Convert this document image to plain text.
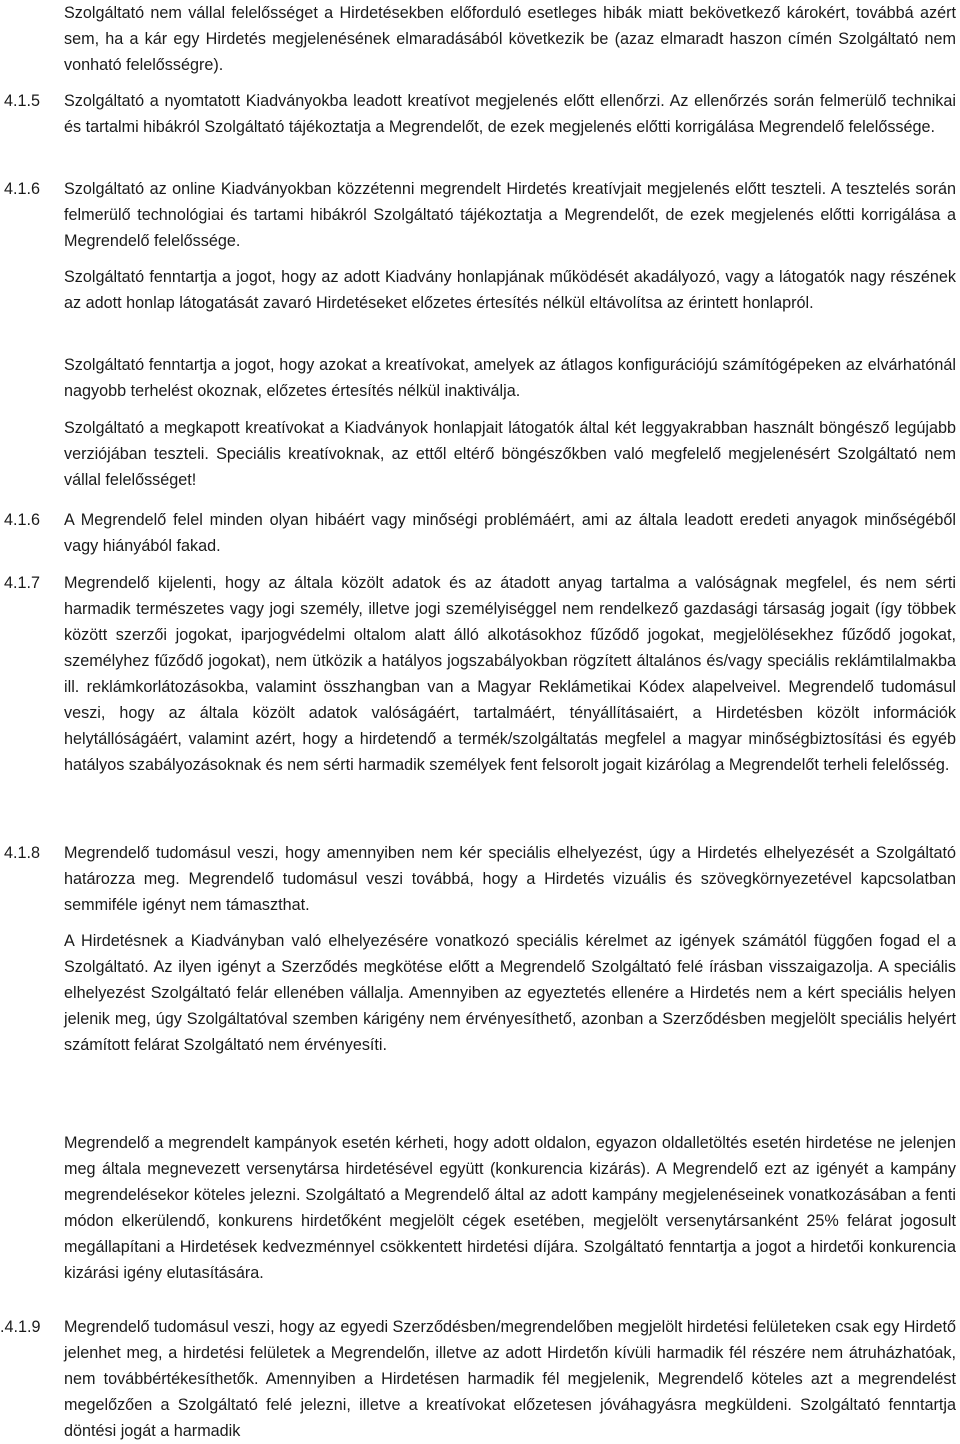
Szolgáltató nem vállal felelősséget a Hirdetésekben előforduló esetleges hibák miatt bekövetkező károkért, továbbá azért sem, ha a kár egy Hirdetés megjelenésének elmaradásából következik be (azaz elmaradt haszon címén Szolgáltató nem vonható felelősségre).

4.1.5	Szolgáltató a nyomtatott Kiadványokba leadott kreatívot megjelenés előtt ellenőrzi. Az ellenőrzés során felmerülő technikai és tartalmi hibákról Szolgáltató tájékoztatja a Megrendelőt, de ezek megjelenés előtti korrigálása Megrendelő felelőssége.

4.1.6	Szolgáltató az online Kiadványokban közzétenni megrendelt Hirdetés kreatívjait megjelenés előtt teszteli. A tesztelés során felmerülő technológiai és tartami hibákról Szolgáltató tájékoztatja a Megrendelőt, de ezek megjelenés előtti korrigálása a Megrendelő felelőssége.

Szolgáltató fenntartja a jogot, hogy az adott Kiadvány honlapjának működését akadályozó, vagy a látogatók nagy részének az adott honlap látogatását zavaró Hirdetéseket előzetes értesítés nélkül eltávolítsa az érintett honlapról.

Szolgáltató fenntartja a jogot, hogy azokat a kreatívokat, amelyek az átlagos konfigurációjú számítógépeken az elvárhatónál nagyobb terhelést okoznak, előzetes értesítés nélkül inaktiválja.

Szolgáltató a megkapott kreatívokat a Kiadványok honlapjait látogatók által két leggyakrabban használt böngésző legújabb verziójában teszteli. Speciális kreatívoknak, az ettől eltérő böngészőkben való megfelelő megjelenésért Szolgáltató nem vállal felelősséget!

4.1.6	A Megrendelő felel minden olyan hibáért vagy minőségi problémáért, ami az általa leadott eredeti anyagok minőségéből vagy hiányából fakad.

4.1.7	Megrendelő kijelenti, hogy az általa közölt adatok és az átadott anyag tartalma a valóságnak megfelel, és nem sérti harmadik természetes vagy jogi személy, illetve jogi személyiséggel nem rendelkező gazdasági társaság jogait (így többek között szerzői jogokat, iparjogvédelmi oltalom alatt álló alkotásokhoz fűződő jogokat, megjelölésekhez fűződő jogokat, személyhez fűződő jogokat), nem ütközik a hatályos jogszabályokban rögzített általános és/vagy speciális reklámtilalmakba ill. reklámkorlátozásokba, valamint összhangban van a Magyar Reklámetikai Kódex alapelveivel. Megrendelő tudomásul veszi, hogy az általa közölt adatok valóságáért, tartalmáért, tényállításaiért, a Hirdetésben közölt információk helytállóságáért, valamint azért, hogy a hirdetendő a termék/szolgáltatás megfelel a magyar minőségbiztosítási és egyéb hatályos szabályozásoknak és nem sérti harmadik személyek fent felsorolt jogait kizárólag a Megrendelőt terheli felelősség.

4.1.8	Megrendelő tudomásul veszi, hogy amennyiben nem kér speciális elhelyezést, úgy a Hirdetés elhelyezését a Szolgáltató határozza meg. Megrendelő tudomásul veszi továbbá, hogy a Hirdetés vizuális és szövegkörnyezetével kapcsolatban semmiféle igényt nem támaszthat.

A Hirdetésnek a Kiadványban való elhelyezésére vonatkozó speciális kérelmet az igények számától függően fogad el a Szolgáltató. Az ilyen igényt a Szerződés megkötése előtt a Megrendelő Szolgáltató felé írásban visszaigazolja. A speciális elhelyezést Szolgáltató felár ellenében vállalja. Amennyiben az egyeztetés ellenére a Hirdetés nem a kért speciális helyen jelenik meg, úgy Szolgáltatóval szemben kárigény nem érvényesíthető, azonban a Szerződésben megjelölt speciális helyért számított felárat Szolgáltató nem érvényesíti.

Megrendelő a megrendelt kampányok esetén kérheti, hogy adott oldalon, egyazon oldalletöltés esetén hirdetése ne jelenjen meg általa megnevezett versenytársa hirdetésével együtt (konkurencia kizárás). A Megrendelő ezt az igényét a kampány megrendelésekor köteles jelezni. Szolgáltató a Megrendelő által az adott kampány megjelenéseinek vonatkozásában a fenti módon elkerülendő, konkurens hirdetőként megjelölt cégek esetében, megjelölt versenytársanként 25% felárat jogosult megállapítani a Hirdetések kedvezménnyel csökkentett hirdetési díjára. Szolgáltató fenntartja a jogot a hirdetői konkurencia kizárási igény elutasítására.

.4.1.9	Megrendelő tudomásul veszi, hogy az egyedi Szerződésben/megrendelőben megjelölt hirdetési felületeken csak egy Hirdető jelenhet meg, a hirdetési felületek a Megrendelőn, illetve az adott Hirdetőn kívüli harmadik fél részére nem átruházhatóak, nem továbbértékesíthetők. Amennyiben a Hirdetésen harmadik fél megjelenik, Megrendelő köteles azt a megrendelést megelőzően a Szolgáltató felé jelezni, illetve a kreatívokat előzetesen jóváhagyásra megküldeni. Szolgáltató fenntartja döntési jogát a harmadik
